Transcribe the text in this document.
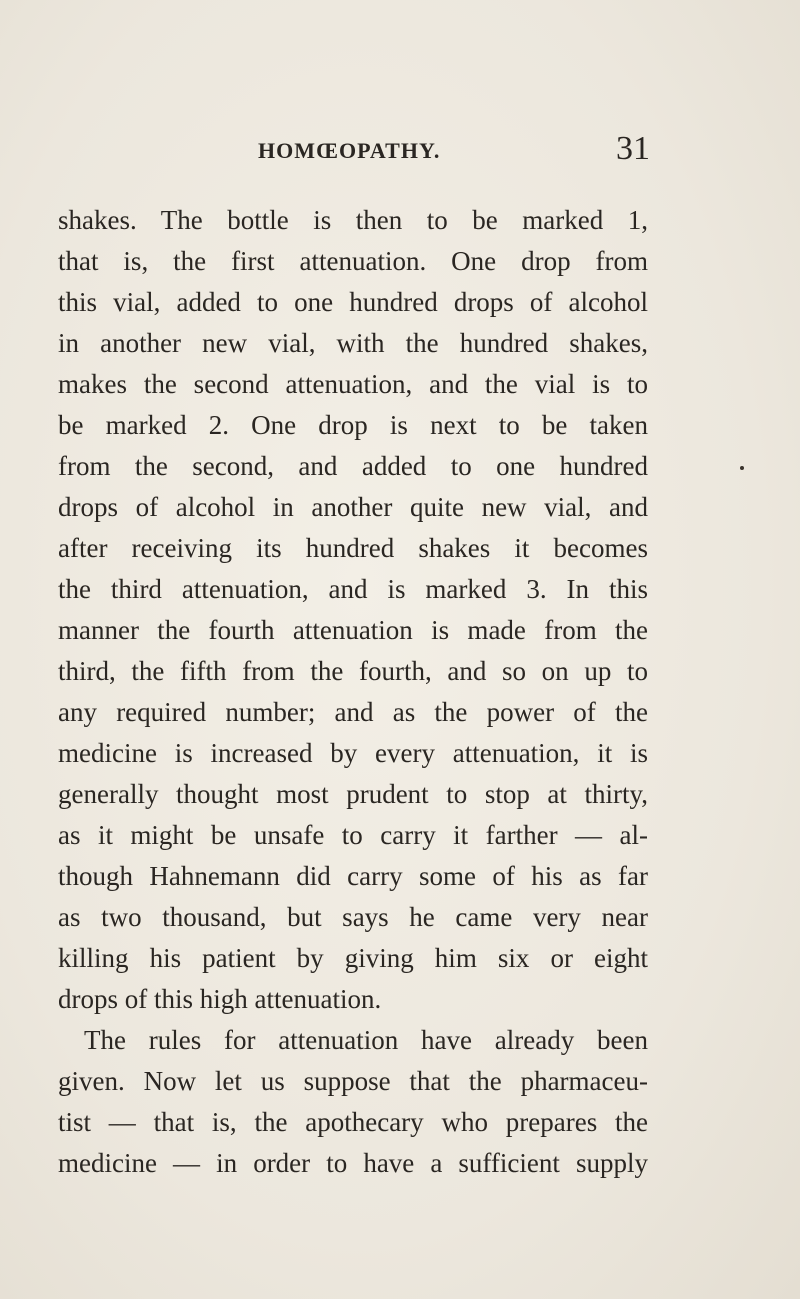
HOMŒOPATHY.	31
shakes. The bottle is then to be marked 1,
that is, the first attenuation. One drop from
this vial, added to one hundred drops of alcohol
in another new vial, with the hundred shakes,
makes the second attenuation, and the vial is to
be marked 2. One drop is next to be taken
from the second, and added to one hundred
drops of alcohol in another quite new vial, and
after receiving its hundred shakes it becomes
the third attenuation, and is marked 3. In this
manner the fourth attenuation is made from the
third, the fifth from the fourth, and so on up to
any required number; and as the power of the
medicine is increased by every attenuation, it is
generally thought most prudent to stop at thirty,
as it might be unsafe to carry it farther — al-
though Hahnemann did carry some of his as far
as two thousand, but says he came very near
killing his patient by giving him six or eight
drops of this high attenuation.
The rules for attenuation have already been
given. Now let us suppose that the pharmaceu-
tist — that is, the apothecary who prepares the
medicine — in order to have a sufficient supply
